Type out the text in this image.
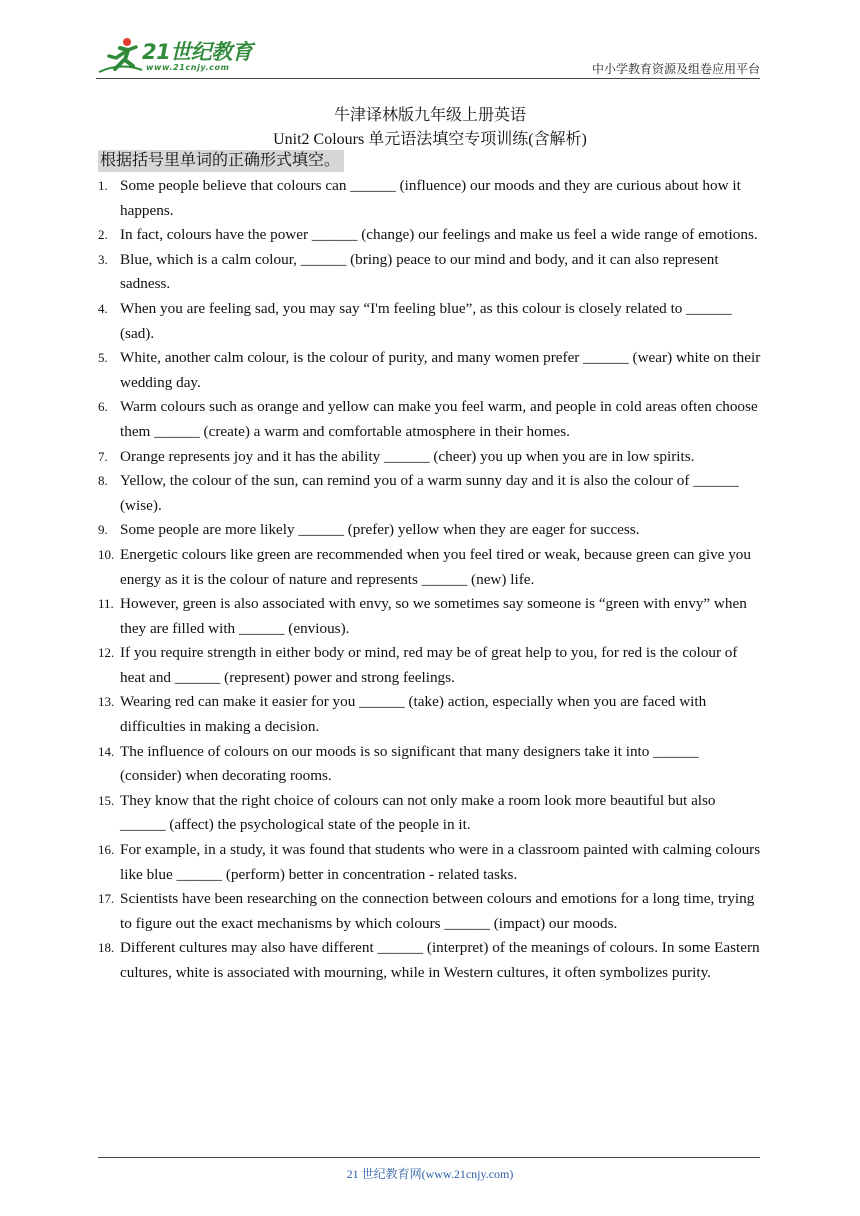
21世纪教育
www.21cnjy.com	中小学教育资源及组卷应用平台
牛津译林版九年级上册英语
Unit2 Colours 单元语法填空专项训练(含解析)
根据括号里单词的正确形式填空。
1. Some people believe that colours can ______ (influence) our moods and they are curious about how it happens.
2. In fact, colours have the power ______ (change) our feelings and make us feel a wide range of emotions.
3. Blue, which is a calm colour, ______ (bring) peace to our mind and body, and it can also represent sadness.
4. When you are feeling sad, you may say “I'm feeling blue”, as this colour is closely related to ______ (sad).
5. White, another calm colour, is the colour of purity, and many women prefer ______ (wear) white on their wedding day.
6. Warm colours such as orange and yellow can make you feel warm, and people in cold areas often choose them ______ (create) a warm and comfortable atmosphere in their homes.
7. Orange represents joy and it has the ability ______ (cheer) you up when you are in low spirits.
8. Yellow, the colour of the sun, can remind you of a warm sunny day and it is also the colour of ______ (wise).
9. Some people are more likely ______ (prefer) yellow when they are eager for success.
10. Energetic colours like green are recommended when you feel tired or weak, because green can give you energy as it is the colour of nature and represents ______ (new) life.
11. However, green is also associated with envy, so we sometimes say someone is “green with envy” when they are filled with ______ (envious).
12. If you require strength in either body or mind, red may be of great help to you, for red is the colour of heat and ______ (represent) power and strong feelings.
13. Wearing red can make it easier for you ______ (take) action, especially when you are faced with difficulties in making a decision.
14. The influence of colours on our moods is so significant that many designers take it into ______ (consider) when decorating rooms.
15. They know that the right choice of colours can not only make a room look more beautiful but also ______ (affect) the psychological state of the people in it.
16. For example, in a study, it was found that students who were in a classroom painted with calming colours like blue ______ (perform) better in concentration - related tasks.
17. Scientists have been researching on the connection between colours and emotions for a long time, trying to figure out the exact mechanisms by which colours ______ (impact) our moods.
18. Different cultures may also have different ______ (interpret) of the meanings of colours. In some Eastern cultures, white is associated with mourning, while in Western cultures, it often symbolizes purity.
21 世纪教育网(www.21cnjy.com)
